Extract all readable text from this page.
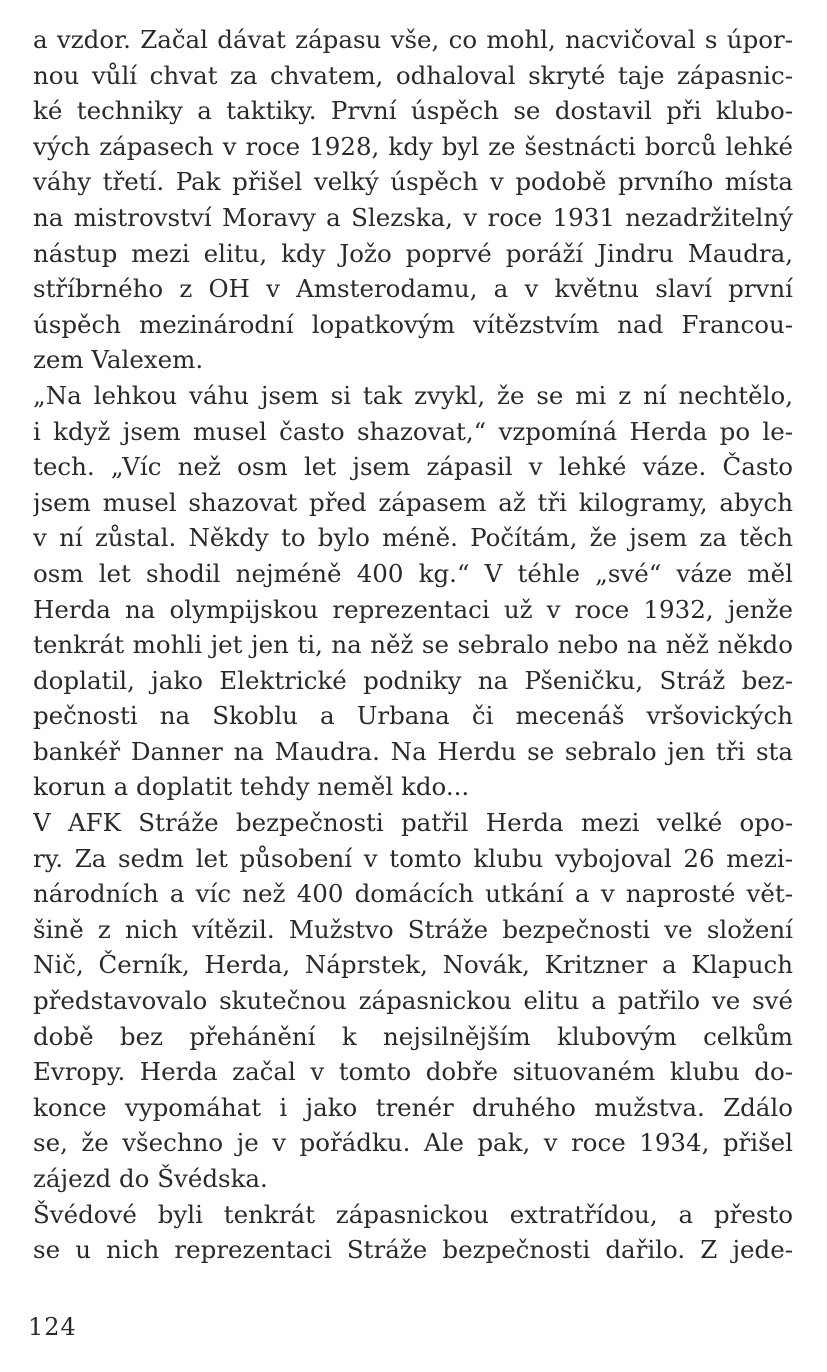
a vzdor. Začal dávat zápasu vše, co mohl, nacvičoval s úpor-
nou vůlí chvat za chvatem, odhaloval skryté taje zápasnic-
ké techniky a taktiky. První úspěch se dostavil při klubo-
vých zápasech v roce 1928, kdy byl ze šestnácti borců lehké
váhy třetí. Pak přišel velký úspěch v podobě prvního místa
na mistrovství Moravy a Slezska, v roce 1931 nezadržitelný
nástup mezi elitu, kdy Jožo poprvé poráží Jindru Maudra,
stříbrného z OH v Amsterodamu, a v květnu slaví první
úspěch mezinárodní lopatkovým vítězstvím nad Francou-
zem Valexem.
„Na lehkou váhu jsem si tak zvykl, že se mi z ní nechtělo,
i když jsem musel často shazovat,“ vzpomíná Herda po le-
tech. „Víc než osm let jsem zápasil v lehké váze. Často
jsem musel shazovat před zápasem až tři kilogramy, abych
v ní zůstal. Někdy to bylo méně. Počítám, že jsem za těch
osm let shodil nejméně 400 kg.“ V téhle „své“ váze měl
Herda na olympijskou reprezentaci už v roce 1932, jenže
tenkrát mohli jet jen ti, na něž se sebralo nebo na něž někdo
doplatil, jako Elektrické podniky na Pšeničku, Stráž bez-
pečnosti na Skoblu a Urbana či mecenáš vršovických
bankéř Danner na Maudra. Na Herdu se sebralo jen tři sta
korun a doplatit tehdy neměl kdo...
V AFK Stráže bezpečnosti patřil Herda mezi velké opo-
ry. Za sedm let působení v tomto klubu vybojoval 26 mezi-
národních a víc než 400 domácích utkání a v naprosté vět-
šině z nich vítězil. Mužstvo Stráže bezpečnosti ve složení
Nič, Černík, Herda, Náprstek, Novák, Kritzner a Klapuch
představovalo skutečnou zápasnickou elitu a patřilo ve své
době bez přehánění k nejsilnějším klubovým celkům
Evropy. Herda začal v tomto dobře situovaném klubu do-
konce vypomáhat i jako trenér druhého mužstva. Zdálo
se, že všechno je v pořádku. Ale pak, v roce 1934, přišel
zájezd do Švédska.
Švédové byli tenkrát zápasnickou extratřídou, a přesto
se u nich reprezentaci Stráže bezpečnosti dařilo. Z jede-
124
